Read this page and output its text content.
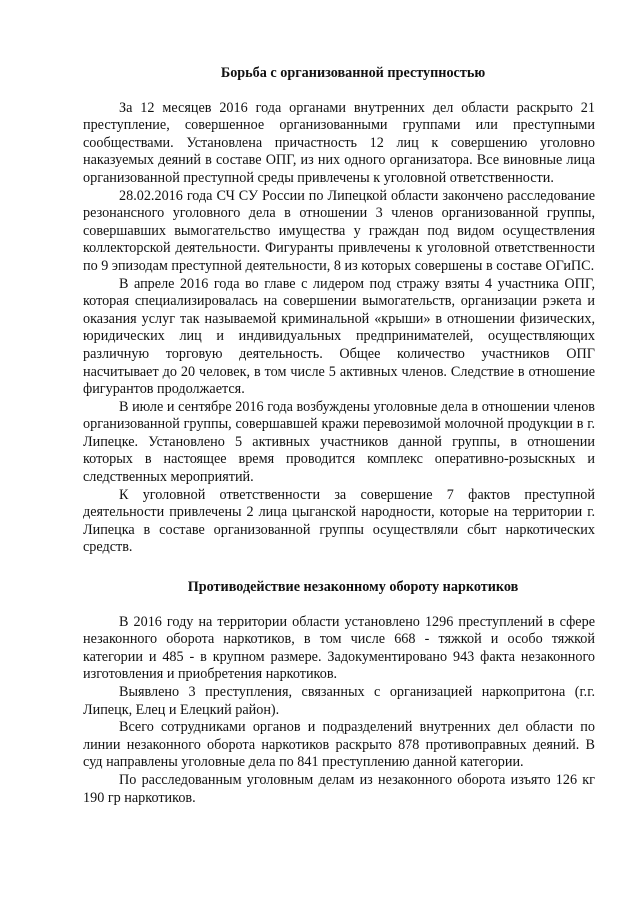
Борьба с организованной преступностью

За 12 месяцев 2016 года органами внутренних дел области раскрыто 21 преступление, совершенное организованными группами или преступными сообществами. Установлена причастность 12 лиц к совершению уголовно наказуемых деяний в составе ОПГ, из них одного организатора. Все виновные лица организованной преступной среды привлечены к уголовной ответственности.

28.02.2016 года СЧ СУ России по Липецкой области закончено расследование резонансного уголовного дела в отношении 3 членов организованной группы, совершавших вымогательство имущества у граждан под видом осуществления коллекторской деятельности. Фигуранты привлечены к уголовной ответственности по 9 эпизодам преступной деятельности, 8 из которых совершены в составе ОГиПС.

В апреле 2016 года во главе с лидером под стражу взяты 4 участника ОПГ, которая специализировалась на совершении вымогательств, организации рэкета и оказания услуг так называемой криминальной «крыши» в отношении физических, юридических лиц и индивидуальных предпринимателей, осуществляющих различную торговую деятельность. Общее количество участников ОПГ насчитывает до 20 человек, в том числе 5 активных членов. Следствие в отношение фигурантов продолжается.

В июле и сентябре 2016 года возбуждены уголовные дела в отношении членов организованной группы, совершавшей кражи перевозимой молочной продукции в г. Липецке. Установлено 5 активных участников данной группы, в отношении которых в настоящее время проводится комплекс оперативно-розыскных и следственных мероприятий.

К уголовной ответственности за совершение 7 фактов преступной деятельности привлечены 2 лица цыганской народности, которые на территории г. Липецка в составе организованной группы осуществляли сбыт наркотических средств.

Противодействие незаконному обороту наркотиков

В 2016 году на территории области установлено 1296 преступлений в сфере незаконного оборота наркотиков, в том числе 668 - тяжкой и особо тяжкой категории и 485 - в крупном размере. Задокументировано 943 факта незаконного изготовления и приобретения наркотиков.

Выявлено 3 преступления, связанных с организацией наркопритона (г.г. Липецк, Елец и Елецкий район).

Всего сотрудниками органов и подразделений внутренних дел области по линии незаконного оборота наркотиков раскрыто 878 противоправных деяний. В суд направлены уголовные дела по 841 преступлению данной категории.

По расследованным уголовным делам из незаконного оборота изъято 126 кг 190 гр наркотиков.
